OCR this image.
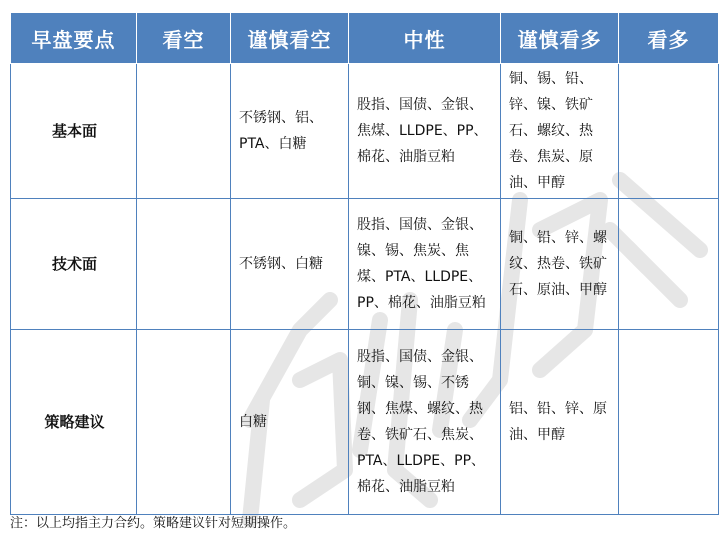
早盘要点	看空	谨慎看空	中性	谨慎看多	看多
基本面		不锈钢、铝、PTA、白糖	股指、国债、金银、焦煤、LLDPE、PP、棉花、油脂豆粕	铜、锡、铅、锌、镍、铁矿石、螺纹、热卷、焦炭、原油、甲醇	
技术面		不锈钢、白糖	股指、国债、金银、镍、锡、焦炭、焦煤、PTA、LLDPE、PP、棉花、油脂豆粕	铜、铅、锌、螺纹、热卷、铁矿石、原油、甲醇	
策略建议		白糖	股指、国债、金银、铜、镍、锡、不锈钢、焦煤、螺纹、热卷、铁矿石、焦炭、PTA、LLDPE、PP、棉花、油脂豆粕	铝、铅、锌、原油、甲醇	
注：以上均指主力合约。策略建议针对短期操作。
